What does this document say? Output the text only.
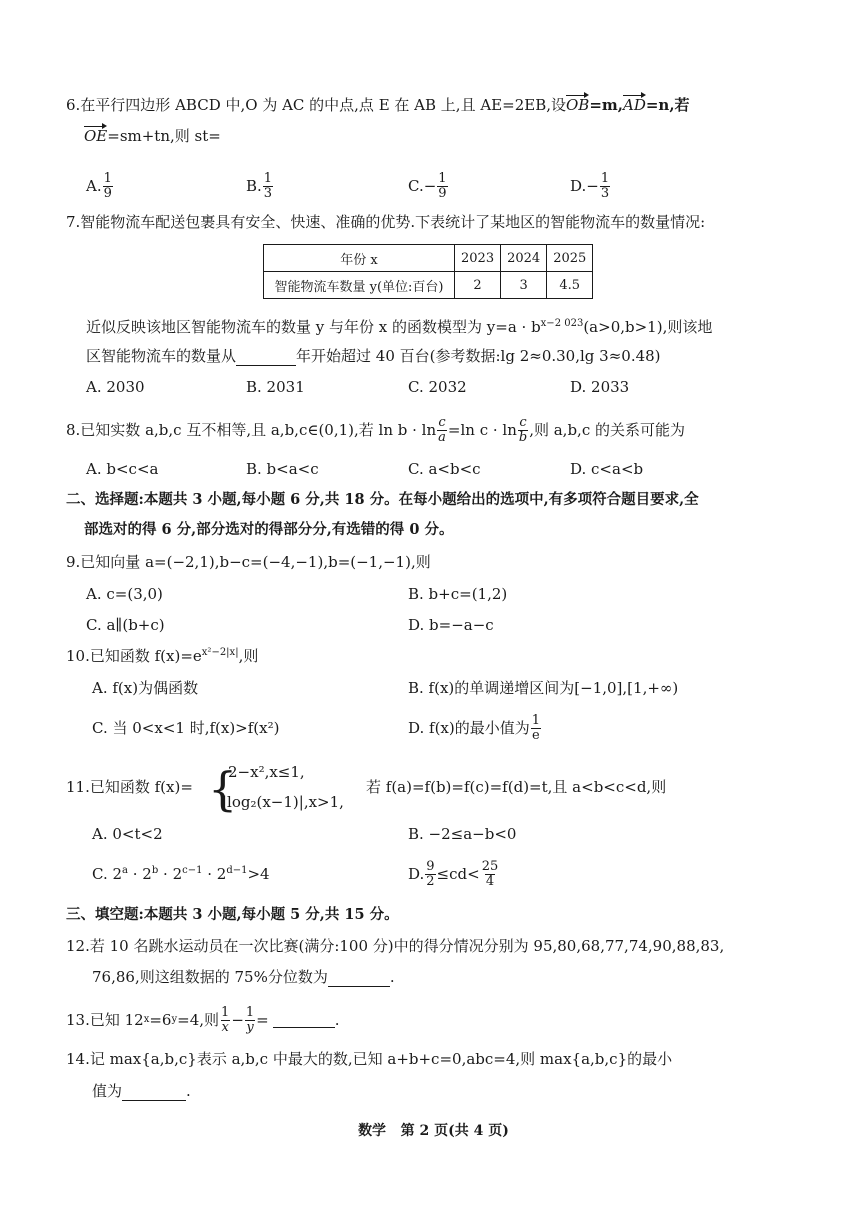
6.在平行四边形 ABCD 中,O 为 AC 的中点,点 E 在 AB 上,且 AE=2EB,设OB=m,AD=n,若
OE=sm+tn,则 st=
A. $\frac{1}{9}$	B. $\frac{1}{3}$	C. − $\frac{1}{9}$	D. − $\frac{1}{3}$
7.智能物流车配送包裹具有安全、快速、准确的优势.下表统计了某地区的智能物流车的数量情况:
年份 x	2023	2024	2025
智能物流车数量 y(单位:百台)	2	3	4.5
近似反映该地区智能物流车的数量 y 与年份 x 的函数模型为 $y=a \cdot b^{x-2 023}(a>0,b>1)$,则该地
区智能物流车的数量从	年开始超过 40 百台(参考数据:lg 2≈0.30,lg 3≈0.48)
A. 2030	B. 2031	C. 2032	D. 2033
8.已知实数 a,b,c 互不相等,且 a,b,c∈(0,1),若 $\ln b \cdot \ln \frac{c}{a} =\ln$ $c \cdot \ln \frac{c}{b}$ ,则 a,b,c 的关系可能为
A. b<c<a	B. b<a<c	C. a<b<c	D. c<a<b
二、选择题:本题共 3 小题,每小题 6 分,共 18 分。在每小题给出的选项中,有多项符合题目要求,全
部选对的得 6 分,部分选对的得部分分,有选错的得 0 分。
9.已知向量 a=(−2,1),b−c=(−4,−1),b=(−1,−1),则
A. c=(3,0)	B. b+c=(1,2)
C. a∥(b+c)	D. b=−a−c
10.已知函数 $f(x)=e^{x^2-2|x|}$,则
A. f(x)为偶函数	B. f(x)的单调递增区间为[−1,0],[1,+∞)
C. 当 0<x<1 时,f(x)>f(x²)	D. f(x)的最小值为 $\frac{1}{e}$
11.已知函数 f(x)= {
2−x²,x≤1,
|log₂(x−1)|,x>1,
若 f(a)=f(b)=f(c)=f(d)=t,且 a<b<c<d,则
A. 0<t<2	B. −2≤a−b<0
C. $2^a \cdot 2^b \cdot 2^{c-1} \cdot 2^{d-1}>4$	D. $\frac{9}{2} \le cd< \frac{25}{4}$
三、填空题:本题共 3 小题,每小题 5 分,共 15 分。
12.若 10 名跳水运动员在一次比赛(满分:100 分)中的得分情况分别为 95,80,68,77,74,90,88,83,
76,86,则这组数据的 75%分位数为	.
13.已知 12 x =6 y =4,则 $\frac{1}{x} - \frac{1}{y}$ =	.
14.记 max{a,b,c}表示 a,b,c 中最大的数,已知 a+b+c=0,abc=4,则 max{a,b,c}的最小
值为	.
数学   第 2 页(共 4 页)
